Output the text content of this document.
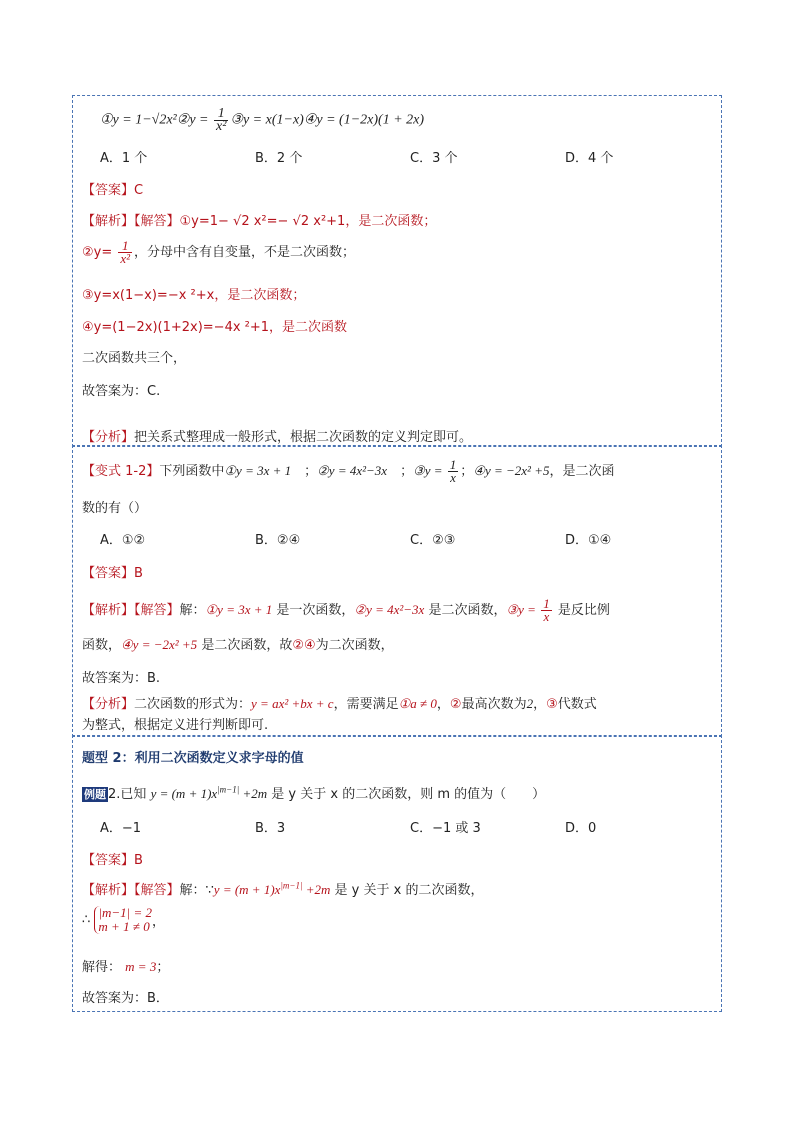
①y = 1−√2x²②y = $\frac{1}{\text{x²}}$ ③y = x(1−x)④y = (1−2x)(1 + 2x)
A．1 个	B．2 个	C．3 个	D．4 个
【答案】C
【解析】【解答】①y=1− √2 x²=− √2 x²+1，是二次函数；
②y= $\frac{1}{\text{x²}}$ ，分母中含有自变量，不是二次函数；
③y=x(1−x)=−x ²+x，是二次函数；
④y=(1−2x)(1+2x)=−4x ²+1，是二次函数
二次函数共三个，
故答案为：C.
【分析】把关系式整理成一般形式，根据二次函数的定义判定即可。
【变式 1-2】下列函数中①y = 3x + 1　；②y = 4x²−3x　；③y = $\frac{1}{x}$ ；④y = −2x² +5，是二次函
数的有（）
A．①②	B．②④	C．②③	D．①④
【答案】B
【解析】【解答】解：①y = 3x + 1 是一次函数，②y = 4x²−3x 是二次函数，③y = $\frac{1}{x}$ 是反比例
函数，④y = −2x² +5 是二次函数，故②④为二次函数，
故答案为：B.
【分析】二次函数的形式为：y = ax² +bx + c，需要满足①a ≠ 0，②最高次数为2，③代数式
为整式，根据定义进行判断即可.
题型 2：利用二次函数定义求字母的值
例题 2.已知 $y = (m + 1)x^{|m-1|} +2m$ 是 y 关于 x 的二次函数，则 m 的值为（　　）
A．−1	B．3	C．−1 或 3	D．0
【答案】B
【解析】【解答】解：∵y = $(m + 1)x^{|m-1|} +2m$ 是 y 关于 x 的二次函数，
∴ |m−1| = 2
m + 1 ≠ 0 ，
解得： m = 3；
故答案为：B．
